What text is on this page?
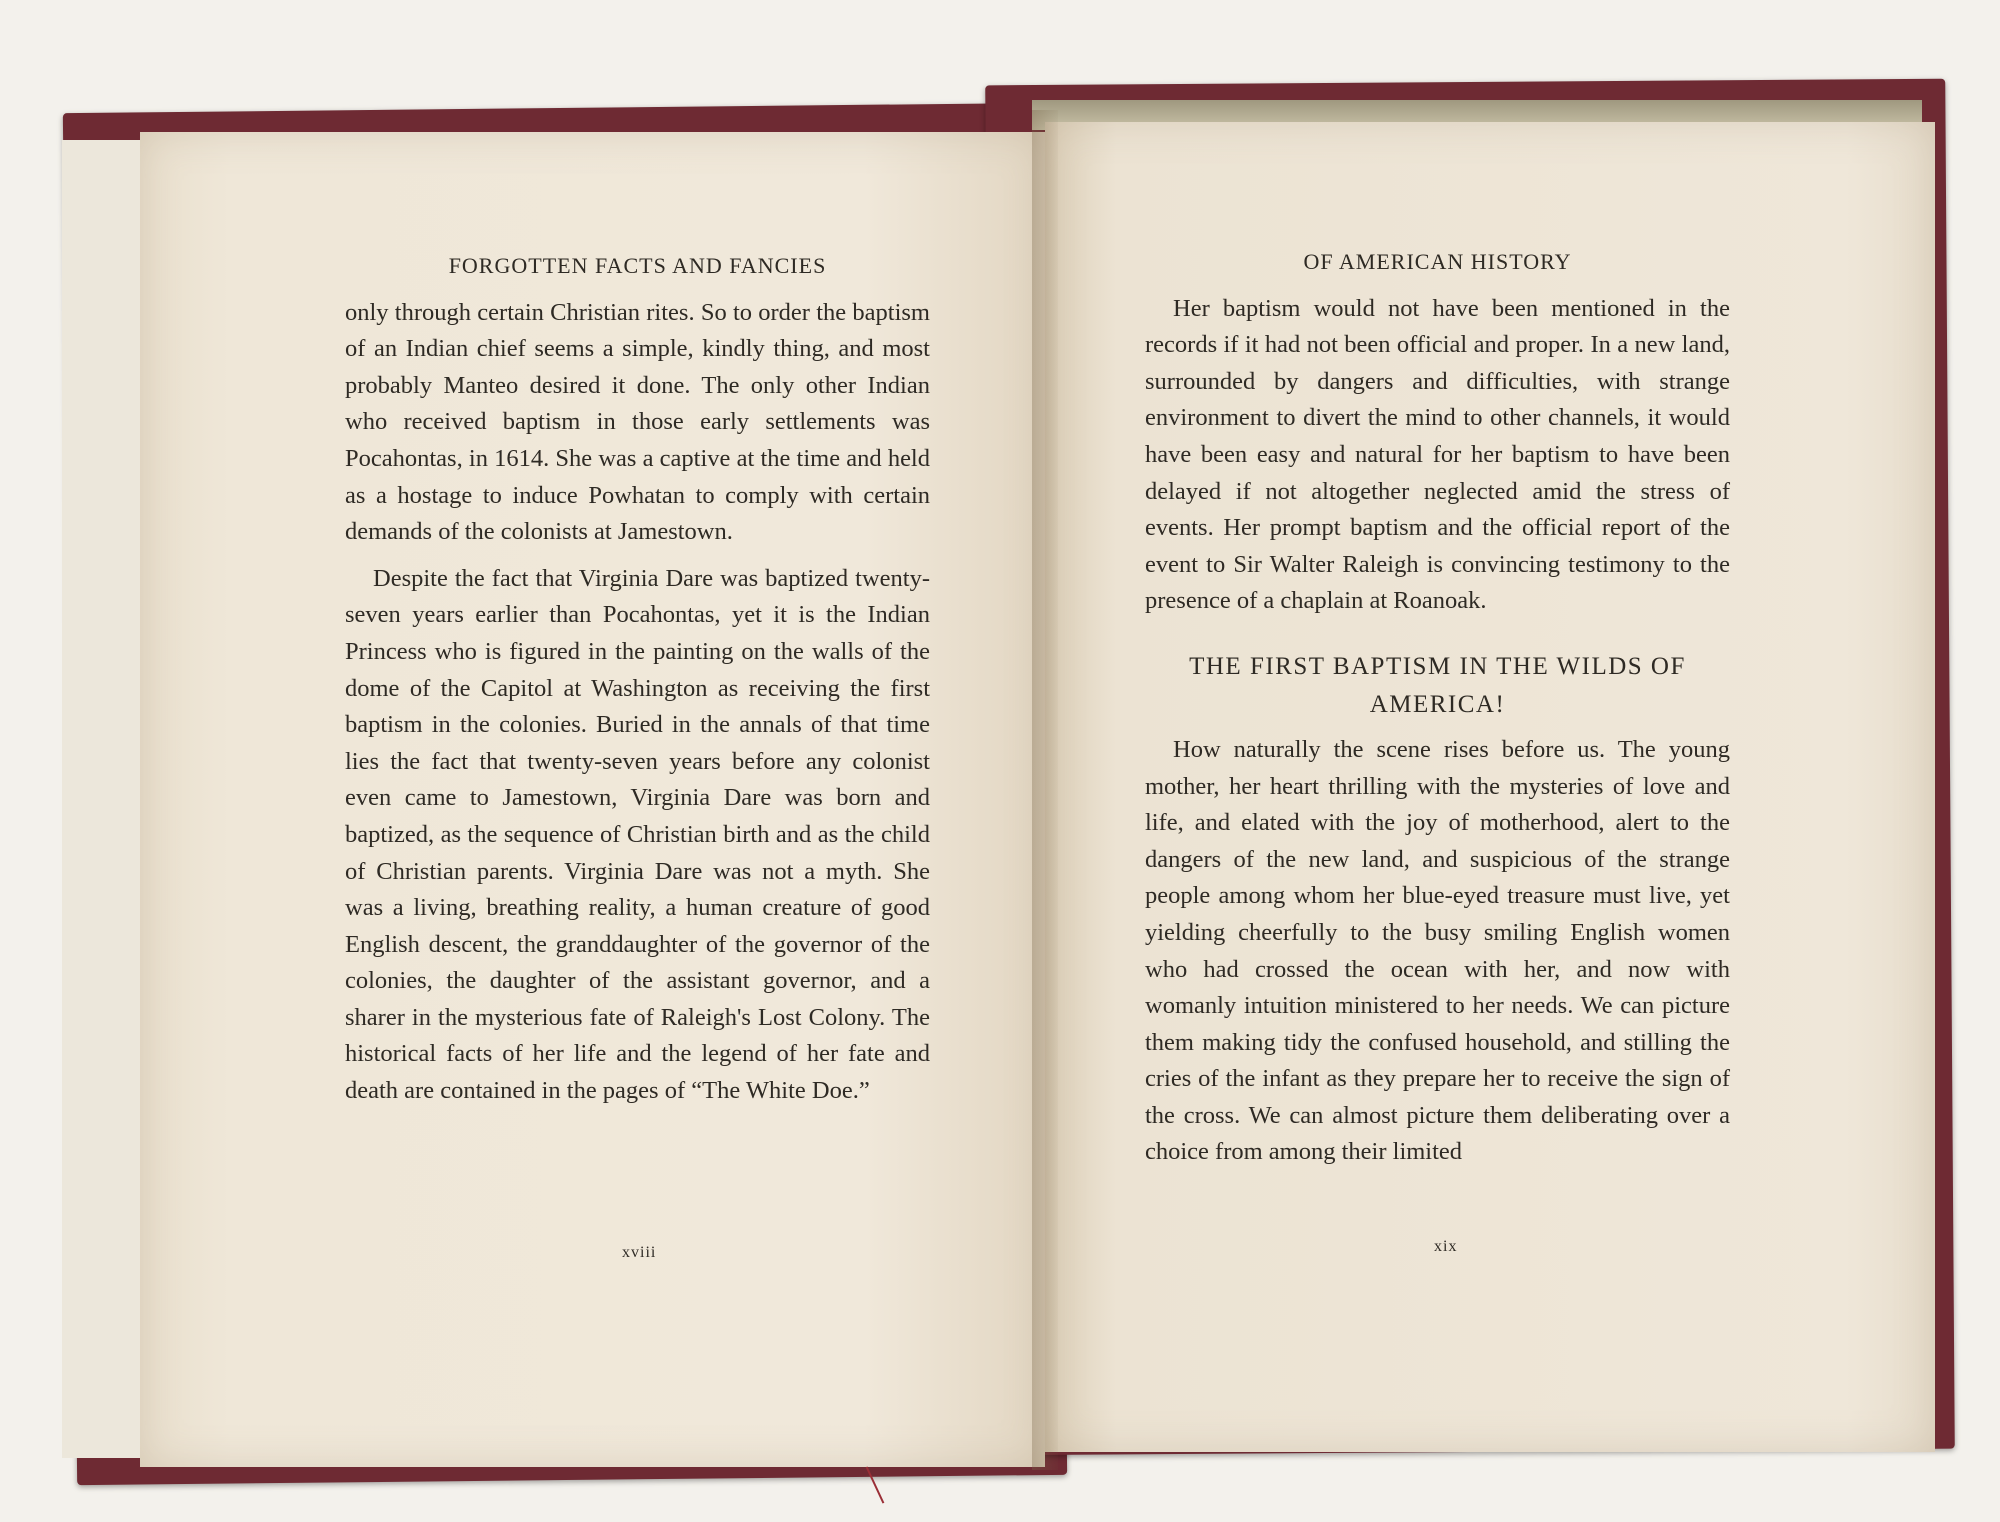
FORGOTTEN FACTS AND FANCIES

only through certain Christian rites. So to order the baptism of an Indian chief seems a simple, kindly thing, and most probably Manteo desired it done. The only other Indian who received baptism in those early settlements was Pocahontas, in 1614. She was a captive at the time and held as a hostage to induce Powhatan to comply with certain demands of the colonists at Jamestown.

Despite the fact that Virginia Dare was baptized twenty-seven years earlier than Pocahontas, yet it is the Indian Princess who is figured in the painting on the walls of the dome of the Capitol at Washington as receiving the first baptism in the colonies. Buried in the annals of that time lies the fact that twenty-seven years before any colonist even came to Jamestown, Virginia Dare was born and baptized, as the sequence of Christian birth and as the child of Christian parents. Virginia Dare was not a myth. She was a living, breathing reality, a human creature of good English descent, the granddaughter of the governor of the colonies, the daughter of the assistant governor, and a sharer in the mysterious fate of Raleigh's Lost Colony. The historical facts of her life and the legend of her fate and death are contained in the pages of “The White Doe.”

xviii
OF AMERICAN HISTORY

Her baptism would not have been mentioned in the records if it had not been official and proper. In a new land, surrounded by dangers and difficulties, with strange environment to divert the mind to other channels, it would have been easy and natural for her baptism to have been delayed if not altogether neglected amid the stress of events. Her prompt baptism and the official report of the event to Sir Walter Raleigh is convincing testimony to the presence of a chaplain at Roanoak.

THE FIRST BAPTISM IN THE WILDS OF AMERICA!

How naturally the scene rises before us. The young mother, her heart thrilling with the mysteries of love and life, and elated with the joy of motherhood, alert to the dangers of the new land, and suspicious of the strange people among whom her blue-eyed treasure must live, yet yielding cheerfully to the busy smiling English women who had crossed the ocean with her, and now with womanly intuition ministered to her needs. We can picture them making tidy the confused household, and stilling the cries of the infant as they prepare her to receive the sign of the cross. We can almost picture them deliberating over a choice from among their limited

xix
